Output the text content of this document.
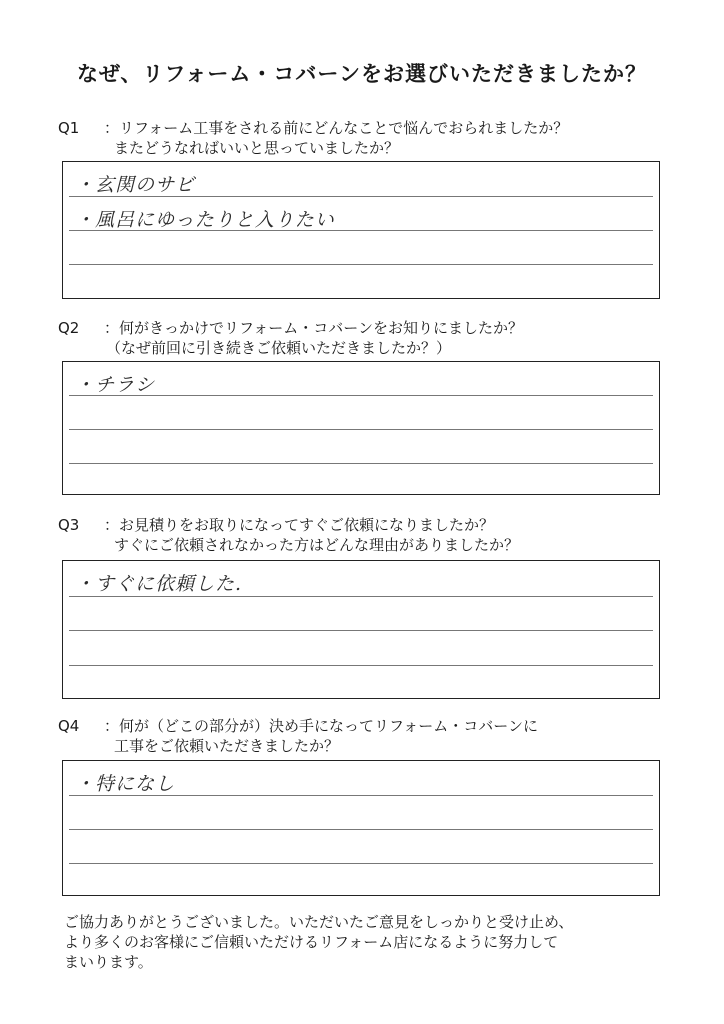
なぜ、リフォーム・コバーンをお選びいただきましたか？
Q1	：リフォーム工事をされる前にどんなことで悩んでおられましたか？
またどうなればいいと思っていましたか？
・玄関のサビ
・風呂にゆったりと入りたい
Q2	：何がきっかけでリフォーム・コバーンをお知りにましたか？
（なぜ前回に引き続きご依頼いただきましたか？）
・チラシ
Q3	：お見積りをお取りになってすぐご依頼になりましたか？
すぐにご依頼されなかった方はどんな理由がありましたか？
・すぐに依頼した.
Q4	：何が（どこの部分が）決め手になってリフォーム・コバーンに
工事をご依頼いただきましたか？
・特になし
ご協力ありがとうございました。いただいたご意見をしっかりと受け止め、
より多くのお客様にご信頼いただけるリフォーム店になるように努力して
まいります。
